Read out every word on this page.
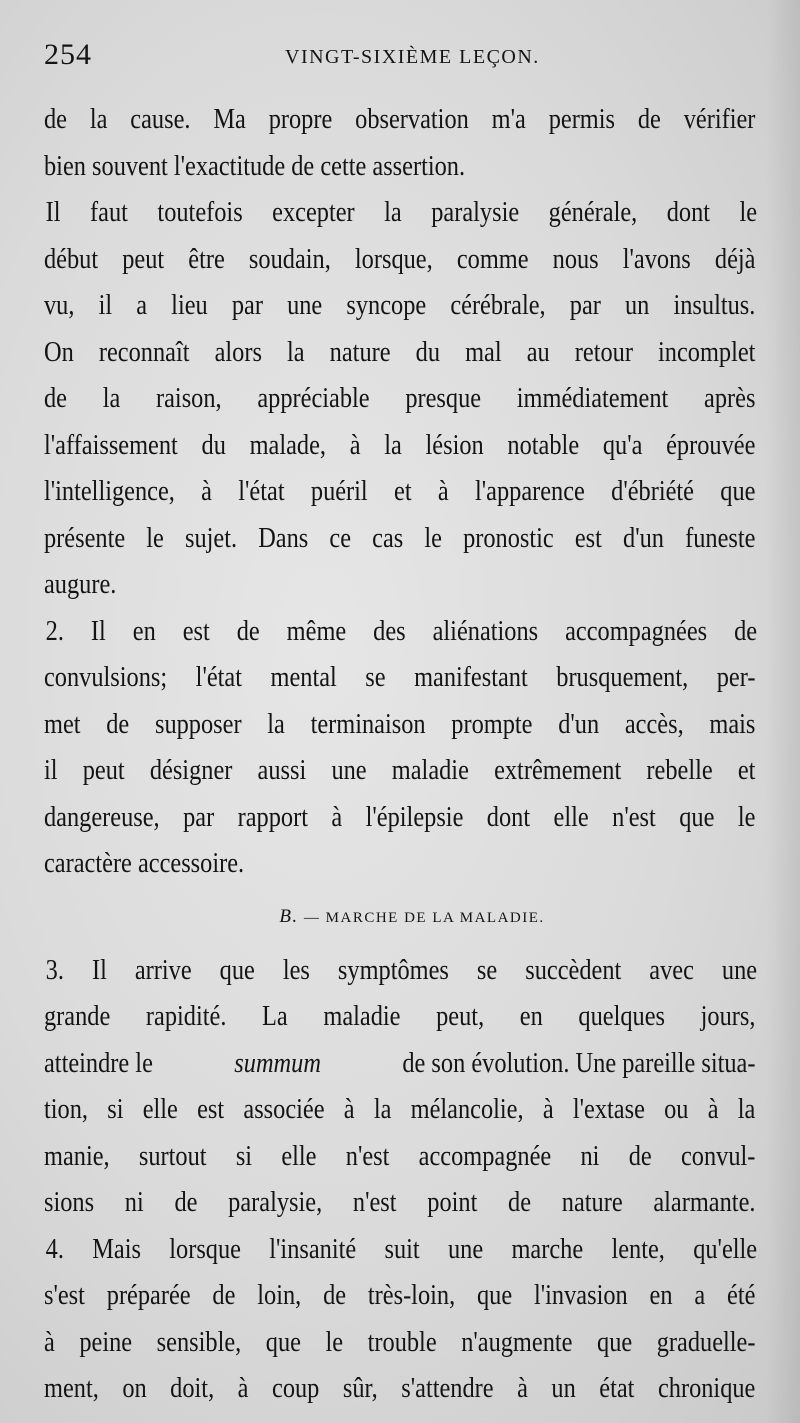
254	VINGT-SIXIÈME LEÇON.
de la cause. Ma propre observation m'a permis de vérifier
bien souvent l'exactitude de cette assertion.
Il faut toutefois excepter la paralysie générale, dont le
début peut être soudain, lorsque, comme nous l'avons déjà
vu, il a lieu par une syncope cérébrale, par un insultus.
On reconnaît alors la nature du mal au retour incomplet
de la raison, appréciable presque immédiatement après
l'affaissement du malade, à la lésion notable qu'a éprouvée
l'intelligence, à l'état puéril et à l'apparence d'ébriété que
présente le sujet. Dans ce cas le pronostic est d'un funeste
augure.
2. Il en est de même des aliénations accompagnées de
convulsions; l'état mental se manifestant brusquement, per-
met de supposer la terminaison prompte d'un accès, mais
il peut désigner aussi une maladie extrêmement rebelle et
dangereuse, par rapport à l'épilepsie dont elle n'est que le
caractère accessoire.
B. — MARCHE DE LA MALADIE.
3. Il arrive que les symptômes se succèdent avec une
grande rapidité. La maladie peut, en quelques jours,
atteindre le	summum	de son évolution. Une pareille situa-
tion, si elle est associée à la mélancolie, à l'extase ou à la
manie, surtout si elle n'est accompagnée ni de convul-
sions ni de paralysie, n'est point de nature alarmante.
4. Mais lorsque l'insanité suit une marche lente, qu'elle
s'est préparée de loin, de très-loin, que l'invasion en a été
à peine sensible, que le trouble n'augmente que graduelle-
ment, on doit, à coup sûr, s'attendre à un état chronique
